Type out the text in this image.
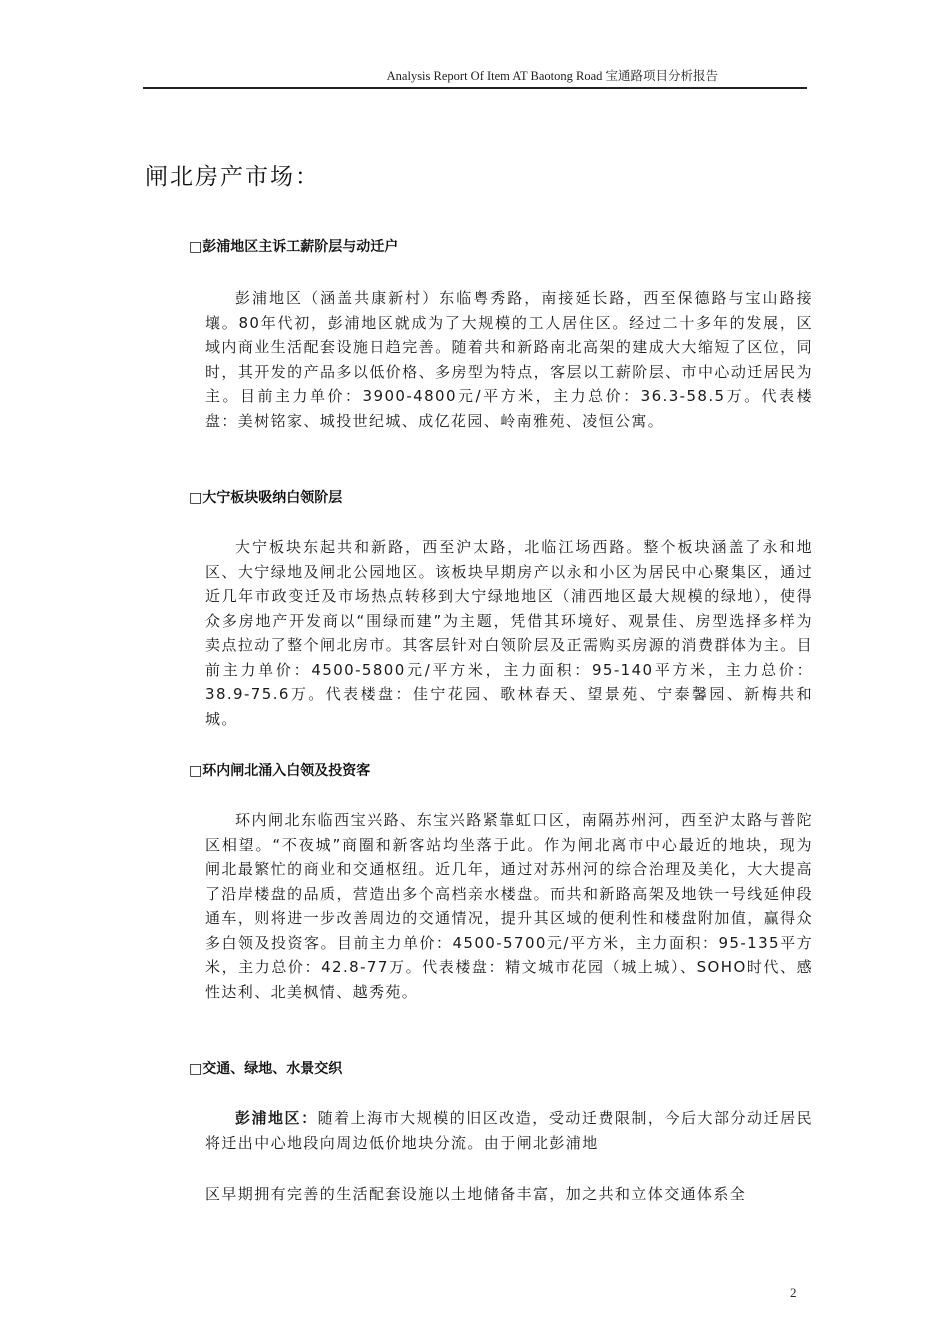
Analysis Report Of Item AT Baotong Road 宝通路项目分析报告
闸北房产市场：
□彭浦地区主诉工薪阶层与动迁户

彭浦地区（涵盖共康新村）东临粤秀路，南接延长路，西至保德路与宝山路接壤。80年代初，彭浦地区就成为了大规模的工人居住区。经过二十多年的发展，区域内商业生活配套设施日趋完善。随着共和新路南北高架的建成大大缩短了区位，同时，其开发的产品多以低价格、多房型为特点，客层以工薪阶层、市中心动迁居民为主。目前主力单价：3900-4800元/平方米，主力总价：36.3-58.5万。代表楼盘：美树铭家、城投世纪城、成亿花园、岭南雅苑、凌恒公寓。

□大宁板块吸纳白领阶层

大宁板块东起共和新路，西至沪太路，北临江场西路。整个板块涵盖了永和地区、大宁绿地及闸北公园地区。该板块早期房产以永和小区为居民中心聚集区，通过近几年市政变迁及市场热点转移到大宁绿地地区（浦西地区最大规模的绿地），使得众多房地产开发商以“围绿而建”为主题，凭借其环境好、观景佳、房型选择多样为卖点拉动了整个闸北房市。其客层针对白领阶层及正需购买房源的消费群体为主。目前主力单价：4500-5800元/平方米，主力面积：95-140平方米，主力总价：38.9-75.6万。代表楼盘：佳宁花园、歌林春天、望景苑、宁泰馨园、新梅共和城。

□环内闸北涌入白领及投资客

环内闸北东临西宝兴路、东宝兴路紧靠虹口区，南隔苏州河，西至沪太路与普陀区相望。“不夜城”商圈和新客站均坐落于此。作为闸北离市中心最近的地块，现为闸北最繁忙的商业和交通枢纽。近几年，通过对苏州河的综合治理及美化，大大提高了沿岸楼盘的品质，营造出多个高档亲水楼盘。而共和新路高架及地铁一号线延伸段通车，则将进一步改善周边的交通情况，提升其区域的便利性和楼盘附加值，赢得众多白领及投资客。目前主力单价：4500-5700元/平方米，主力面积：95-135平方米，主力总价：42.8-77万。代表楼盘：精文城市花园（城上城）、SOHO时代、感性达利、北美枫情、越秀苑。

□交通、绿地、水景交织

彭浦地区：随着上海市大规模的旧区改造，受动迁费限制，今后大部分动迁居民将迁出中心地段向周边低价地块分流。由于闸北彭浦地

区早期拥有完善的生活配套设施以土地储备丰富，加之共和立体交通体系全

2
